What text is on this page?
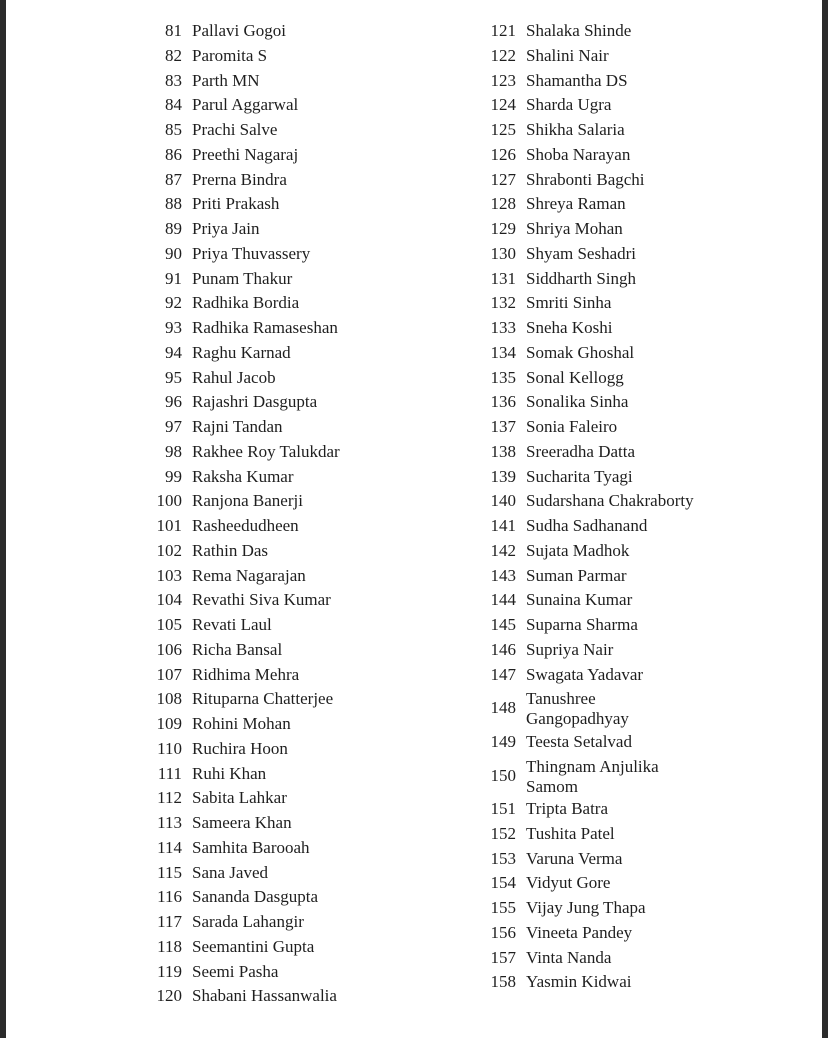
81 Pallavi Gogoi
82 Paromita S
83 Parth MN
84 Parul Aggarwal
85 Prachi Salve
86 Preethi Nagaraj
87 Prerna Bindra
88 Priti Prakash
89 Priya Jain
90 Priya Thuvassery
91 Punam Thakur
92 Radhika Bordia
93 Radhika Ramaseshan
94 Raghu Karnad
95 Rahul Jacob
96 Rajashri Dasgupta
97 Rajni Tandan
98 Rakhee Roy Talukdar
99 Raksha Kumar
100 Ranjona Banerji
101 Rasheedudheen
102 Rathin Das
103 Rema Nagarajan
104 Revathi Siva Kumar
105 Revati Laul
106 Richa Bansal
107 Ridhima Mehra
108 Rituparna Chatterjee
109 Rohini Mohan
110 Ruchira Hoon
111 Ruhi Khan
112 Sabita Lahkar
113 Sameera Khan
114 Samhita Barooah
115 Sana Javed
116 Sananda Dasgupta
117 Sarada Lahangir
118 Seemantini Gupta
119 Seemi Pasha
120 Shabani Hassanwalia
121 Shalaka Shinde
122 Shalini Nair
123 Shamantha DS
124 Sharda Ugra
125 Shikha Salaria
126 Shoba Narayan
127 Shrabonti Bagchi
128 Shreya Raman
129 Shriya Mohan
130 Shyam Seshadri
131 Siddharth Singh
132 Smriti Sinha
133 Sneha Koshi
134 Somak Ghoshal
135 Sonal Kellogg
136 Sonalika Sinha
137 Sonia Faleiro
138 Sreeradha Datta
139 Sucharita Tyagi
140 Sudarshana Chakraborty
141 Sudha Sadhanand
142 Sujata Madhok
143 Suman Parmar
144 Sunaina Kumar
145 Suparna Sharma
146 Supriya Nair
147 Swagata Yadavar
148 Tanushree Gangopadhyay
149 Teesta Setalvad
150 Thingnam Anjulika Samom
151 Tripta Batra
152 Tushita Patel
153 Varuna Verma
154 Vidyut Gore
155 Vijay Jung Thapa
156 Vineeta Pandey
157 Vinta Nanda
158 Yasmin Kidwai
